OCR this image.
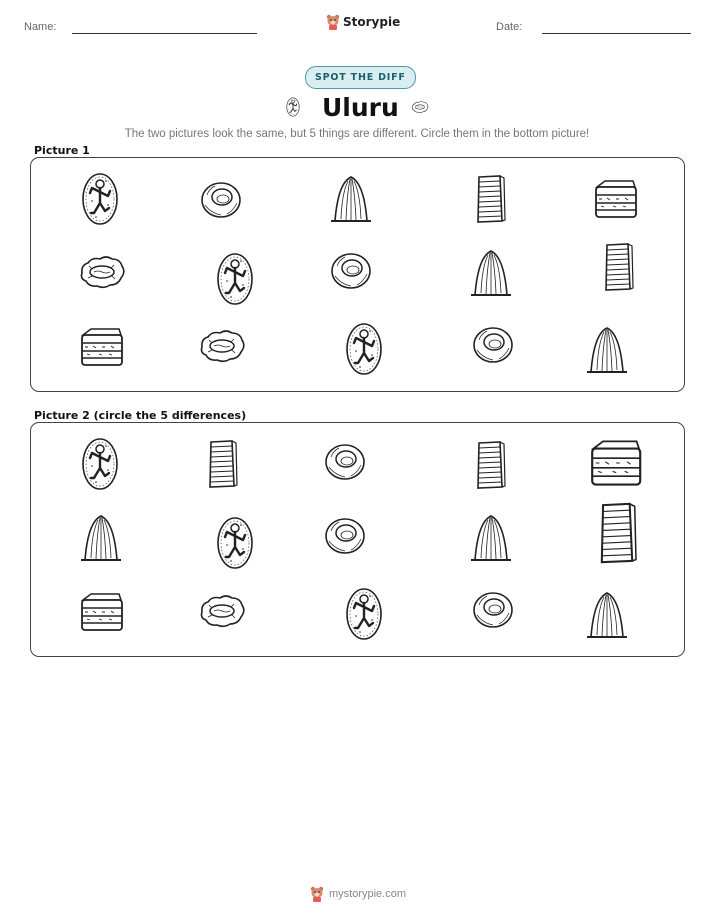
Name:	Storypie	Date:
SPOT THE DIFF
Uluru
The two pictures look the same, but 5 things are different. Circle them in the bottom picture!
Picture 1
Picture 2 (circle the 5 differences)
mystorypie.com
